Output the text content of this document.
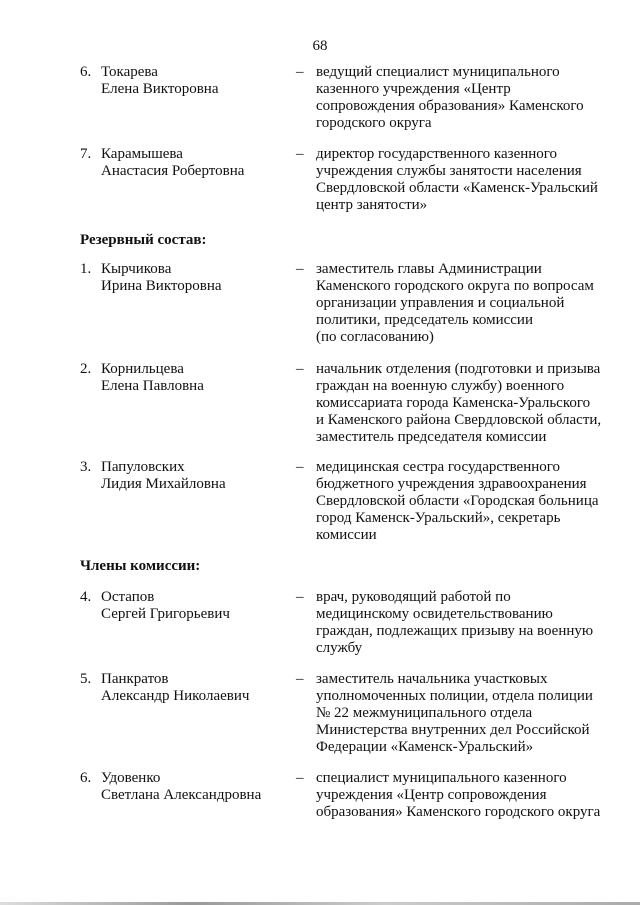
68
6. Токарева
Елена Викторовна
– ведущий специалист муниципального
казенного учреждения «Центр
сопровождения образования» Каменского
городского округа
7. Карамышева
Анастасия Робертовна
– директор государственного казенного
учреждения службы занятости населения
Свердловской области «Каменск-Уральский
центр занятости»
Резервный состав:
1. Кырчикова
Ирина Викторовна
– заместитель главы Администрации
Каменского городского округа по вопросам
организации управления и социальной
политики, председатель комиссии
(по согласованию)
2. Корнильцева
Елена Павловна
– начальник отделения (подготовки и призыва
граждан на военную службу) военного
комиссариата города Каменска-Уральского
и Каменского района Свердловской области,
заместитель председателя комиссии
3. Папуловских
Лидия Михайловна
– медицинская сестра государственного
бюджетного учреждения здравоохранения
Свердловской области «Городская больница
город Каменск-Уральский», секретарь
комиссии
Члены комиссии:
4. Остапов
Сергей Григорьевич
– врач, руководящий работой по
медицинскому освидетельствованию
граждан, подлежащих призыву на военную
службу
5. Панкратов
Александр Николаевич
– заместитель начальника участковых
уполномоченных полиции, отдела полиции
№ 22 межмуниципального отдела
Министерства внутренних дел Российской
Федерации «Каменск-Уральский»
6. Удовенко
Светлана Александровна
– специалист муниципального казенного
учреждения «Центр сопровождения
образования» Каменского городского округа
